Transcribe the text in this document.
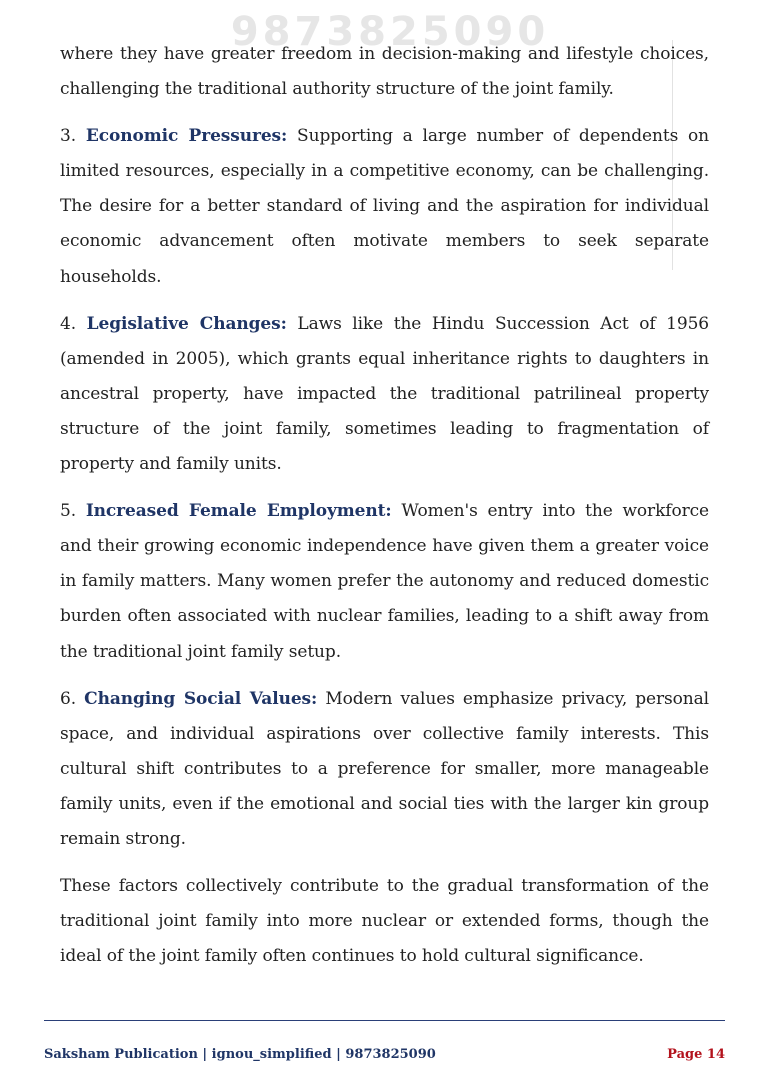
9873825090

where they have greater freedom in decision-making and lifestyle choices, challenging the traditional authority structure of the joint family.

3. Economic Pressures: Supporting a large number of dependents on limited resources, especially in a competitive economy, can be challenging. The desire for a better standard of living and the aspiration for individual economic advancement often motivate members to seek separate households.

4. Legislative Changes: Laws like the Hindu Succession Act of 1956 (amended in 2005), which grants equal inheritance rights to daughters in ancestral property, have impacted the traditional patrilineal property structure of the joint family, sometimes leading to fragmentation of property and family units.

5. Increased Female Employment: Women's entry into the workforce and their growing economic independence have given them a greater voice in family matters. Many women prefer the autonomy and reduced domestic burden often associated with nuclear families, leading to a shift away from the traditional joint family setup.

6. Changing Social Values: Modern values emphasize privacy, personal space, and individual aspirations over collective family interests. This cultural shift contributes to a preference for smaller, more manageable family units, even if the emotional and social ties with the larger kin group remain strong.

These factors collectively contribute to the gradual transformation of the traditional joint family into more nuclear or extended forms, though the ideal of the joint family often continues to hold cultural significance.

Saksham Publication | ignou_simplified | 9873825090	Page 14
